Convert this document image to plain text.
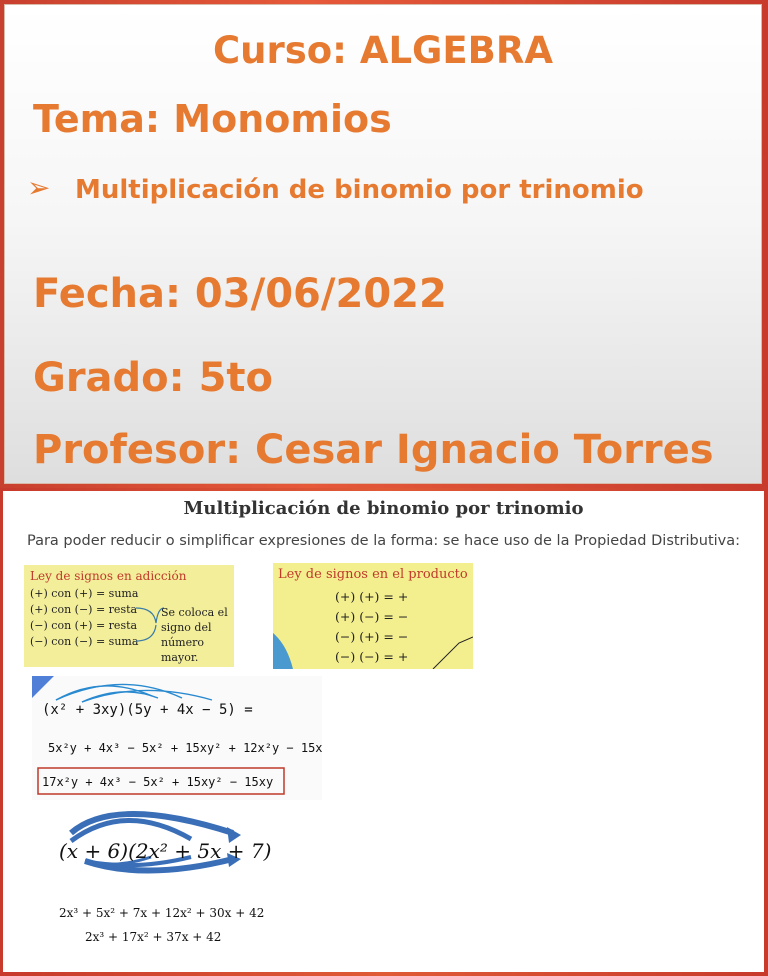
Curso: ALGEBRA
Tema: Monomios
➢ Multiplicación de binomio por trinomio
Fecha: 03/06/2022
Grado: 5to
Profesor: Cesar Ignacio Torres
Multiplicación de binomio por trinomio
Para poder reducir o simplificar expresiones de la forma: se hace uso de la Propiedad Distributiva:
Ley de signos en adicción
(+) con (+) = suma
(+) con (−) = resta
(−) con (+) = resta
(−) con (−) = suma
Se coloca el signo del número mayor.
Ley de signos en el producto
(+) (+) = +
(+) (−) = −
(−) (+) = −
(−) (−) = +
(x² + 3xy)(5y + 4x − 5) =
5x²y + 4x³ − 5x² + 15xy² + 12x²y − 15xy
17x²y + 4x³ − 5x² + 15xy² − 15xy
(x + 6)(2x² + 5x + 7)
2x³ + 5x² + 7x + 12x² + 30x + 42
2x³ + 17x² + 37x + 42
